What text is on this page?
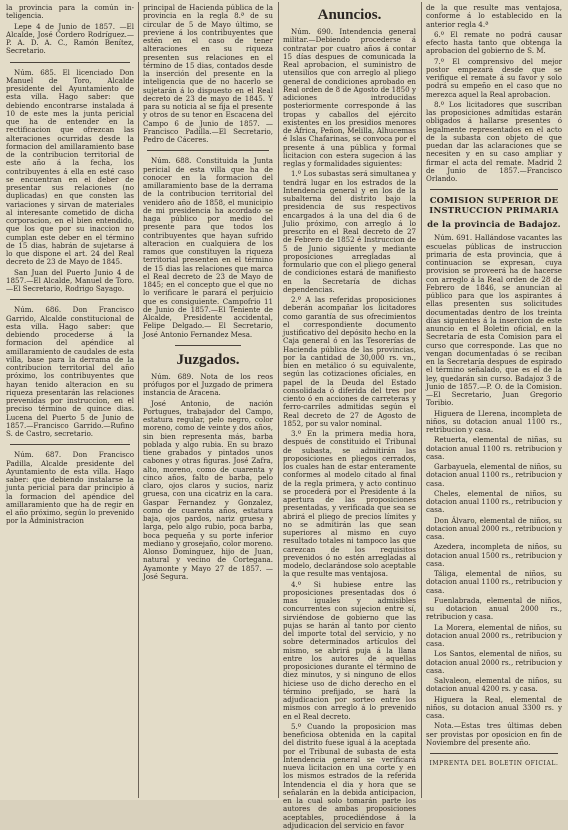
la provincia para la común in-teligencia.

Lepe 4 de Junio de 1857. —El Alcalde, José Cordero Rodríguez.—P. A. D. A. C., Ramón Benítez, Secretario.

Núm. 685. El licenciado Don Manuel de Toro, Alcalde presidente del Ayuntamiento de esta villa. Hago saber: que debiendo encontrarse instalada á 10 de este mes la junta pericial que ha de entender en la rectificacion que ofrezcan las alteraciones ocurridas desde la formacion del amillaramiento base de la contribucion territorial de este año á la fecha, los contribuyentes á ella en esté caso se encuentran en el deber de presentar sus relaciones (no duplicadas) en que consten las variaciones y sirvan de materiales al interesante cometido de dicha corporacion, en el bien entendido, que los que por su inaccion no cumplan este deber en el término de 15 dias, habrán de sujetarse á lo que dispone el art. 24 del Real decreto de 23 de Mayo de 1845.

San Juan del Puerto Junio 4 de 1857.—El Alcalde, Manuel de Toro.—El Secretario, Rodrigo Sayago.

Núm. 686. Don Francisco Garrido, Alcalde constitucional de esta villa. Hago saber: que debiendo procederse á la formacion del apéndice al amillaramiento de caudales de esta villa, base para la derrama de la contribucion territorial del año próximo, los contribuyentes que hayan tenido alteracion en su riqueza presentarán las relaciones prevenidas por instruccion, en el preciso término de quince dias. Lucena del Puerto 5 de Junio de 1857.—Francisco Garrido.—Rufino S. de Castro, secretario.

Núm. 687. Don Francisco Padilla, Alcalde presidente del Ayuntamiento de esta villa. Hago saber: que debiendo instalarse la junta pericial para dar principio á la formacion del apéndice del amillaramiento que ha de regir en el año próximo, según lo prevenido por la Administracion

principal de Hacienda pública de la provincia en la regla 8.ª de su circular de 5 de Mayo último, se previene á los contribuyentes que estén en el caso de tener alteraciones en su riqueza presenten sus relaciones en el término de 15 dias, contados desde la inserción del presente en la inteligencia que de no hacerlo se sujetarán á lo dispuesto en el Real decreto de 23 de mayo de 1845. Y para su noticia al se fija el presente y otros de su tenor en Escacena del Campo 6 de Junio de 1857. —Francisco Padilla.—El Secretario, Pedro de Cáceres.

Núm. 688. Constituida la Junta pericial de esta villa que ha de conocer en la formacion del amillaramiento base de la derrama de la contribucion territorial del venidero año de 1858, el municipio de mi presidencia ha acordado se haga público por medio del presente para que todos los contribuyentes que hayan sufrido alteracion en cualquiera de los ramos que constituyen la riqueza territorial presenten en el término de 15 dias las relaciones que marca el Real decreto de 23 de Mayo de 1845; en el concepto que el que no lo verificare le parará el perjuicio que es consiguiente. Campofrio 11 de Junio de 1857.—El Teniente de Alcalde, Presidente accidental, Felipe Delgado.— El Secretario, José Antonio Fernandez Mesa.

Juzgados.

Núm. 689. Nota de los reos prófugos por el Juzgado de primera instancia de Aracena.

José Antonio, de nación Portugues, trabajador del Campo, estatura regular, pelo negro, color moreno, como de veinte y dos años, sin bien representa más, barba poblada y algo rubia. En su brazo tiene grabados y pintados unos cabones y otras figuras. José Zafra, alto, moreno, como de cuarenta y cinco años, falto de barba, pelo claro, ojos claros y sucios, nariz gruesa, con una cicatriz en la cara. Gaspar Fernandez y Gonzalez, como de cuarenta años, estatura baja, ojos pardos, nariz gruesa y larga, pelo algo rubio, poca barba, boca pequeña y su porte inferior mediano y grosejaño, color moreno. Alonso Dominguez, hijo de Juan, natural y vecino de Cortegana. Ayamonte y Mayo 27 de 1857. —José Segura.

Anuncios.

Núm. 690. Intendencia general militar.—Debiendo procederse á contratar por cuatro años á contar 15 días despues de comunicada la Real aprobacion, el suministro de utensilios que con arreglo al pliego general de condiciones aprobado en Real orden de 8 de Agosto de 1850 y adiciones introducidas posteriormente corresponde á las tropas y caballos del ejército existentes en los presidios menores de África, Peñon, Melilla, Alhucemas é Islas Chafarinas, se convoca por el presente á una pública y formal licitacion con estera sugecion á las reglas y formalidades siguientes:

1.º Los subastas será simultanea y tendrá lugar en los estrados de la Intendencia general y en los de la subalterna del distrito bajo la presidencia de sus respectivos encargados á la una del dia 6 de Julio próximo, con arreglo á lo prescrito en el Real decreto de 27 de Febrero de 1852 é Instruccion de 5 de Junio siguiente y mediante proposiciones arregladas al formulario que con el pliego general de condiciones estará de manifiesto en la Secretaría de dichas dependencias.

2.º A las referidas proposiciones deberán acompañar los licitadores como garantía de sus ofrecimientos el correspondiente documento justificativo del depósito hecho en la Caja general ó en las Tesorerías de Hacienda pública de las provincias, por la cantidad de 30,000 rs. vn., bien en metálico ó su equivalente, según las cotizaciones oficiales, en papel de la Deuda del Estado consolidada ó diferida del tres por ciento ó en acciones de carreteras y ferro-carriles admitidas según el Real decreto de 27 de Agosto de 1852, por su valor nominal.

3.º En la primera media hora, después de constituido el Tribunal de subasta, se admitirán las proposiciones en pliegos cerrados, los cuales han de estar enteramente conformes al modelo citado al final de la regla primera, y acto continuo se procederá por el Presidente á la apertura de las proposiciones presentadas, y verificada que sea se abrirá el pliego de precios límites y no se admitirán las que sean superiores al mismo en cuyo resultado totales ni tampoco las que carezcan de los requisitos prevenidos ó no estén arregladas al modelo, declarándose solo aceptable la que resulte mas ventajosa.

4.º Si hubiese entre las proposiciones presentadas dos ó mas iguales y admisibles concurrentes con sujecion entre sí, sirviéndose de gobierno que las pujas se harán al tanto por ciento del importe total del servicio, y no sobre determinados artículos del mismo, se abrirá puja á la llana entre los autores de aquellas proposiciones durante el término de diez minutos, y si ninguno de ellos hiciese uso de dicho derecho en el término prefijado, se hará la adjudicacion por sorteo entre los mismos con arreglo á lo prevenido en el Real decreto.

5.º Cuando la proposicion mas beneficiosa obtenida en la capital del distrito fuese igual á la aceptada por el Tribunal de subasta de esta Intendencia general se verificará nueva licitacion en una corte y en los mismos estrados de la referida Intendencia el dia y hora que se señalarán en la debida anticipacion, en la cual solo tomarán parte los autores de ambas proposiciones aceptables, procediéndose á la adjudicacion del servicio en favor

de la que resulte mas ventajosa, conforme á lo establecido en la anterior regla 4.ª

6.º El remate no podrá causar efecto hasta tanto que obtenga la aprobacion del gobierno de S. M.

7.º El comprensivo del mejor postor empezará desde que se verifique el remate á su favor y solo podrá su empeño en el caso que no merezca aquel la Real aprobacion.

8.º Los licitadores que suscriban las proposiciones admitidas estarán obligados á hallarse presentes ó legalmente representados en el acto de la subasta con objeto de que puedan dar las aclaraciones que se necesiten y en su caso ampliar y firmar el acta del remate. Madrid 2 de Junio de 1857.—Francisco Orlando.

COMISION SUPERIOR DE INSTRUCCION PRIMARIA
de la provincia de Badajoz.

Núm. 691. Hallándose vacantes las escuelas públicas de instruccion primaria de esta provincia, que á continuacion se expresan, cuya provision se proveerá ha de hacerse con arreglo á la Real orden de 28 de Febrero de 1846, se anuncian al público para que los aspirantes á ellas presenten sus solicitudes documentadas dentro de los treinta días siguientes á la insercion de este anuncio en el Boletin oficial, en la Secretaría de esta Comision para el curso que corresponde. Las que no vengan documentadas ó se reciban en la Secretaría despues de espirado el término señalado, que es el de la ley, quedarán sin curso. Badajoz 3 de Junio de 1857.—P. O. de la Comision.—El Secretario, Juan Gregorio Toribio.

Higuera de Llerena, incompleta de niños, su dotacion anual 1100 rs., retribucion y casa.

Retuerta, elemental de niñas, su dotacion anual 1100 rs. retribucion y casa.

Garbayuela, elemental de niños, su dotacion anual 1100 rs., retribucion y casa.

Cheles, elemental de niños, su dotacion anual 1100 rs., retribucion y casa.

Don Álvaro, elemental de niños, su dotacion anual 2000 rs., retribucion y casa.

Azedera, incompleta de niños, su dotacion anual 1500 rs., retribucion y casa.

Táliga, elemental de niños, su dotacion anual 1100 rs., retribucion y casa.

Fuenlabrada, elemental de niños, su dotacion anual 2000 rs., retribucion y casa.

La Morera, elemental de niños, su dotacion anual 2000 rs., retribucion y casa.

Los Santos, elemental de niños, su dotacion anual 2000 rs., retribucion y casa.

Salvaleon, elemental de niños, su dotacion anual 4200 rs. y casa.

Higuera la Real, elemental de niños, su dotacion anual 3300 rs. y casa.

Nota.—Estas tres últimas deben ser provistas por oposicion en fin de Noviembre del presente año.

IMPRENTA DEL BOLETIN OFICIAL.
